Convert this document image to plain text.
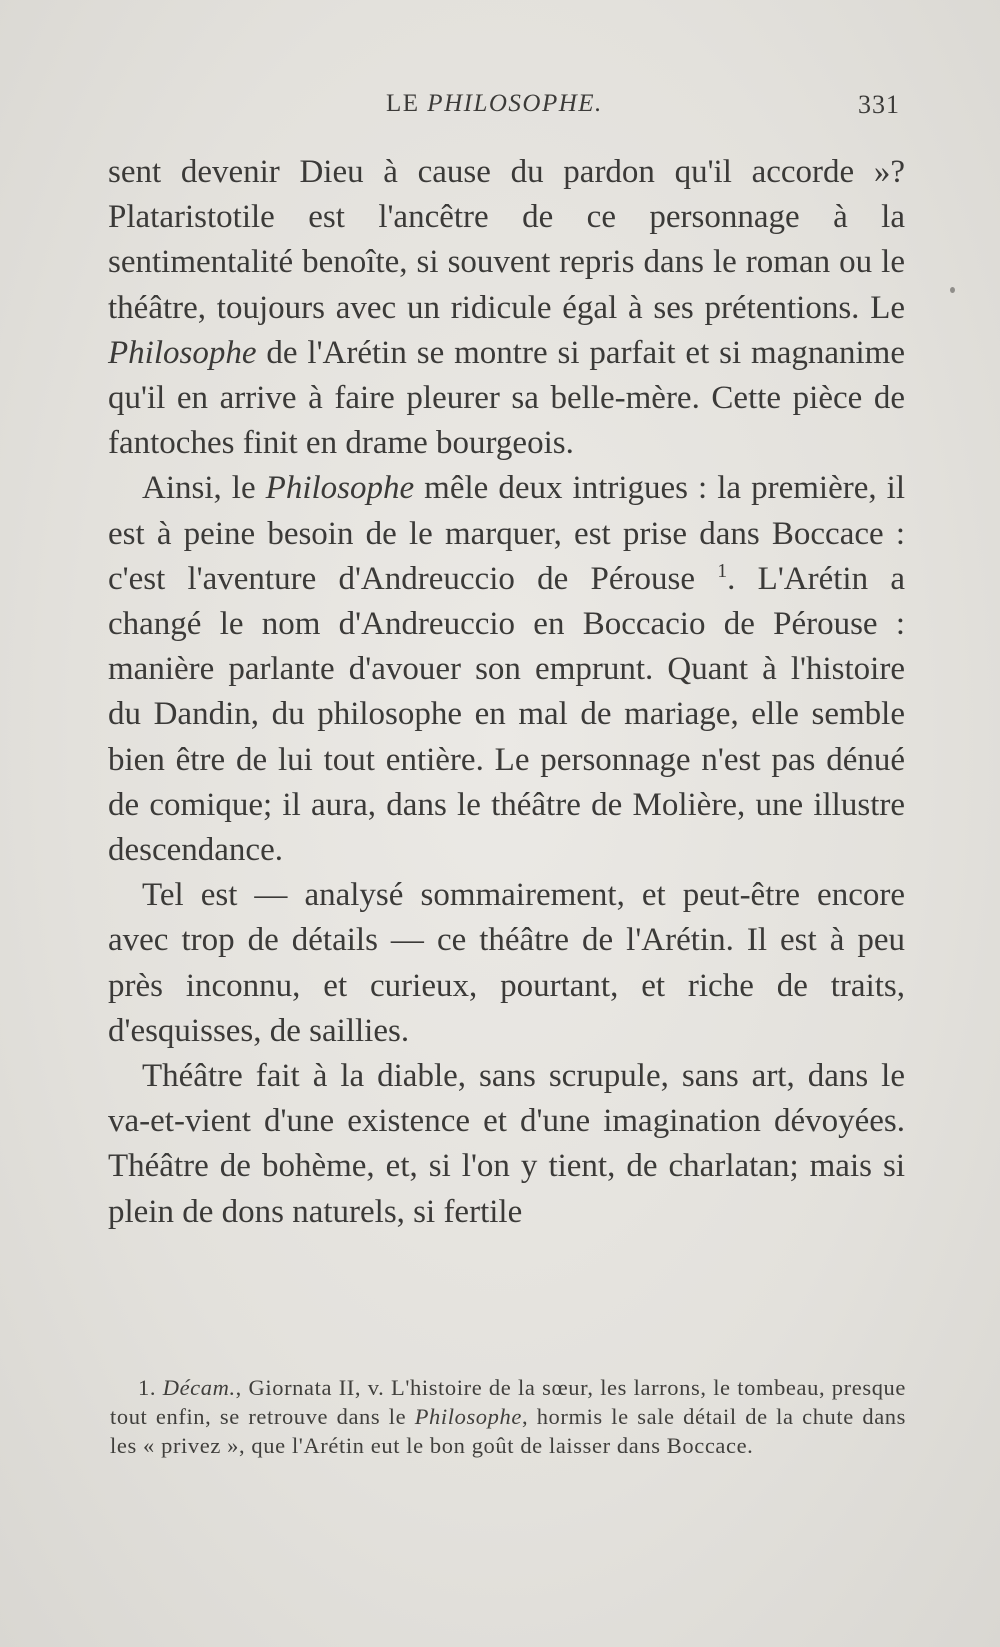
LE PHILOSOPHE.	331

sent devenir Dieu à cause du pardon qu'il accorde »? Plataristotile est l'ancêtre de ce personnage à la sentimentalité benoîte, si souvent repris dans le roman ou le théâtre, toujours avec un ridicule égal à ses prétentions. Le Philosophe de l'Arétin se montre si parfait et si magnanime qu'il en arrive à faire pleurer sa belle-mère. Cette pièce de fantoches finit en drame bourgeois.

Ainsi, le Philosophe mêle deux intrigues : la première, il est à peine besoin de le marquer, est prise dans Boccace : c'est l'aventure d'Andreuccio de Pérouse $^1$. L'Arétin a changé le nom d'Andreuccio en Boccacio de Pérouse : manière parlante d'avouer son emprunt. Quant à l'histoire du Dandin, du philosophe en mal de mariage, elle semble bien être de lui tout entière. Le personnage n'est pas dénué de comique; il aura, dans le théâtre de Molière, une illustre descendance.

Tel est — analysé sommairement, et peut-être encore avec trop de détails — ce théâtre de l'Arétin. Il est à peu près inconnu, et curieux, pourtant, et riche de traits, d'esquisses, de saillies.

Théâtre fait à la diable, sans scrupule, sans art, dans le va-et-vient d'une existence et d'une imagination dévoyées. Théâtre de bohème, et, si l'on y tient, de charlatan; mais si plein de dons naturels, si fertile

1. Décam., Giornata II, v. L'histoire de la sœur, les larrons, le tombeau, presque tout enfin, se retrouve dans le Philosophe, hormis le sale détail de la chute dans les « privez », que l'Arétin eut le bon goût de laisser dans Boccace.
